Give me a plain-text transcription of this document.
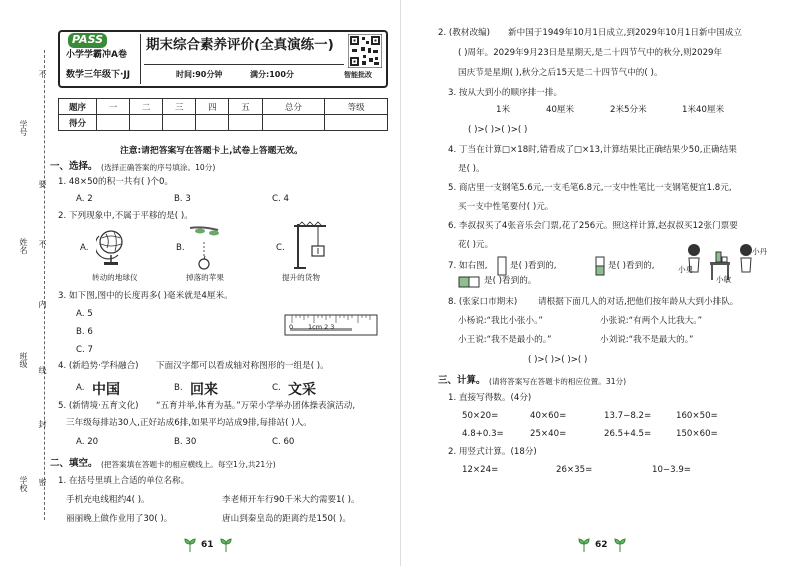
学号
姓名
班级
学校
不
要
不
内
线
封
密
PASS
小学学霸冲A卷
数学三年级下·JJ
期末综合素养评价(全真演练一)
时间:90分钟	满分:100分	智能批改
题序	一	二	三	四	五	总分	等级
得分							
注意:请把答案写在答题卡上,试卷上答题无效。
一、选择。 (选择正确答案的序号填涂。10分)
1. 48×50的积一共有( )个0。
A. 2	B. 3	C. 4
2. 下列现象中,不属于平移的是( )。
A.	B.	C.
转动的地球仪	掉落的苹果	提升的货物
3. 如下图,图中的长度再多( )毫米就是4厘米。
A. 5
B. 6
C. 7
0 1cm 2 3
4. (新趋势·学科融合) 下面汉字都可以看成轴对称图形的一组是( )。
A. 中国	B. 回来	C. 文采
5. (新情境·五育文化) “五育并举,体育为基。”万荣小学举办团体操表演活动,
三年级每排站30人,正好站成6排,如果平均站成9排,每排站( )人。
A. 20	B. 30	C. 60
二、填空。 (把答案填在答题卡的相应横线上。每空1分,共21分)
1. 在括号里填上合适的单位名称。
手机充电线粗约4( )。	李老师开车行90千米大约需要1( )。
丽丽晚上做作业用了30( )。	唐山到秦皇岛的距离约是150( )。
61
2. (教材改编) 新中国于1949年10月1日成立,到2029年10月1日新中国成立
( )周年。2029年9月23日是星期天,是二十四节气中的秋分,则2029年
国庆节是星期( ),秋分之后15天是二十四节气中的( )。
3. 按从大到小的顺序排一排。
1米	40厘米	2米5分米	1米40厘米
( )>( )>( )>( )
4. 丁当在计算□×18时,错看成了□×13,计算结果比正确结果少50,正确结果
是( )。
5. 商店里一支钢笔5.6元,一支毛笔6.8元,一支中性笔比一支钢笔便宜1.8元,
买一支中性笔要付( )元。
6. 李叔叔买了4张音乐会门票,花了256元。照这样计算,赵叔叔买12张门票要
花( )元。
7. 如右图,	是( )看到的,	是( )看到的,
是( )看到的。
小丹
小勇
小敏
8. (张家口市期末) 请根据下面几人的对话,把他们按年龄从大到小排队。
小杨说:“我比小张小。”	小张说:“有两个人比我大。”
小王说:“我不是最小的。”	小刘说:“我不是最大的。”
( )>( )>( )>( )
三、计算。 (请将答案写在答题卡的相应位置。31分)
1. 直接写得数。(4分)
50×20=	40×60=	13.7−8.2=	160×50=
4.8+0.3=	25×40=	26.5+4.5=	150×60=
2. 用竖式计算。(18分)
12×24=	26×35=	10−3.9=
62
